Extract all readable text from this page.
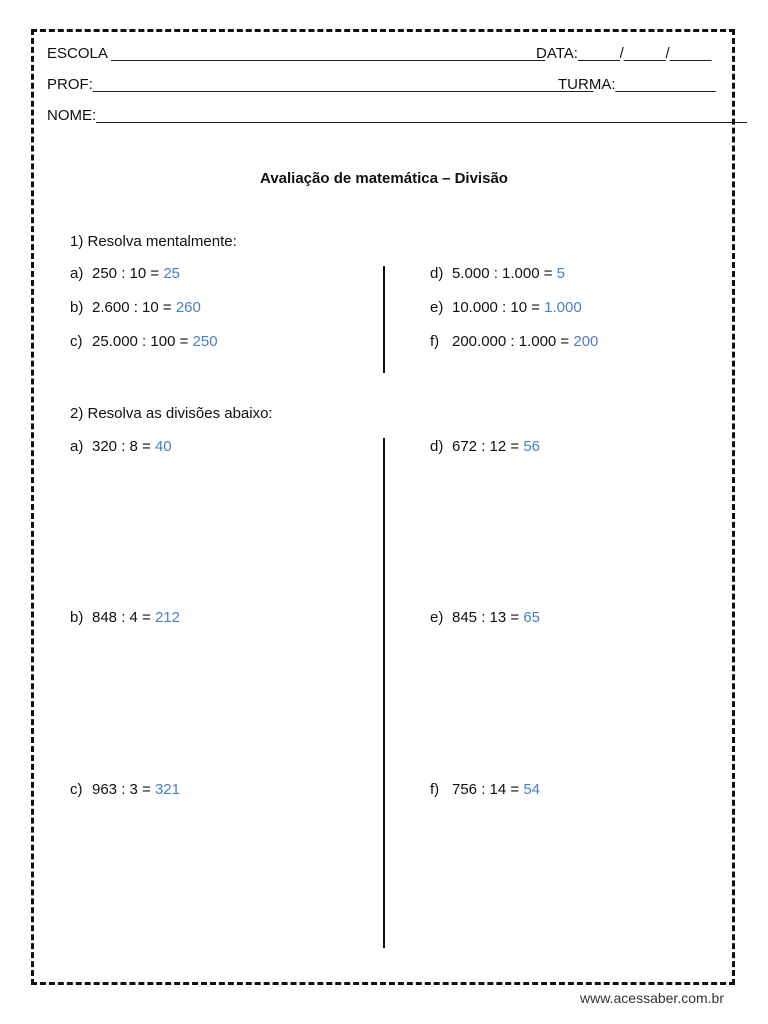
ESCOLA ____________________________________________________
DATA:_____/_____/_____
PROF:____________________________________________________________
TURMA:____________
NOME:______________________________________________________________________________
Avaliação de matemática – Divisão
1) Resolva mentalmente:
a) 250 : 10 = 25
b) 2.600 : 10 = 260
c) 25.000 : 100 = 250
d) 5.000 : 1.000 = 5
e) 10.000 : 10 = 1.000
f) 200.000 : 1.000 = 200
2) Resolva as divisões abaixo:
a) 320 : 8 = 40
b) 848 : 4 = 212
c) 963 : 3 = 321
d) 672 : 12 = 56
e) 845 : 13 = 65
f) 756 : 14 = 54
www.acessaber.com.br
